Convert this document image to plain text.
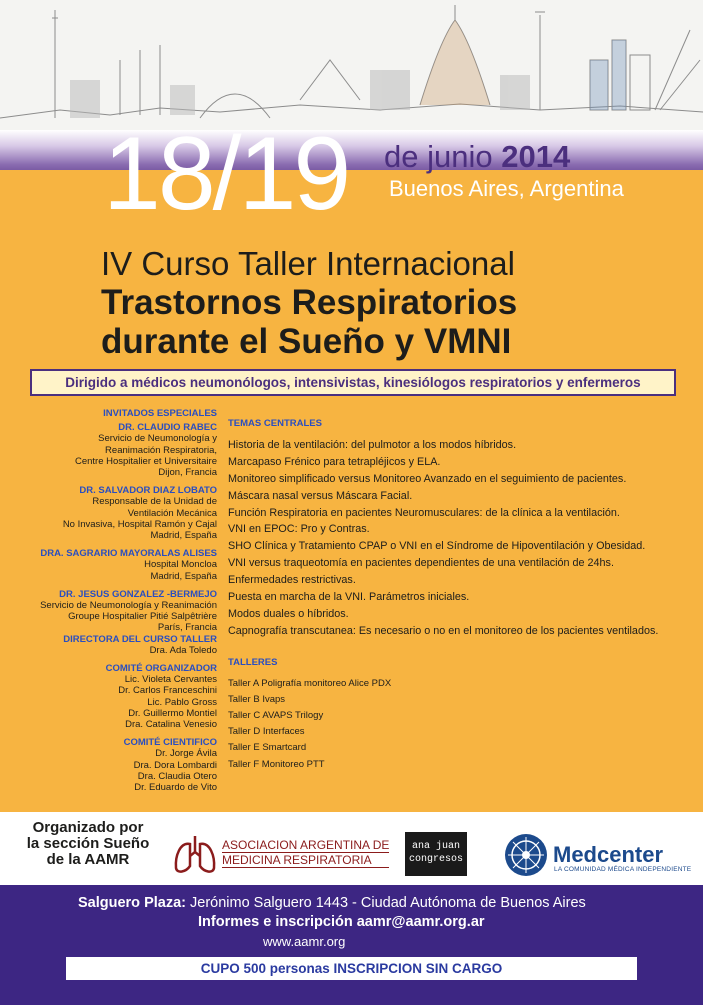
18/19 de junio 2014
Buenos Aires, Argentina
IV Curso Taller Internacional
Trastornos Respiratorios
durante el Sueño y VMNI
Dirigido a médicos neumonólogos, intensivistas, kinesiólogos respiratorios y enfermeros
INVITADOS ESPECIALES
DR. CLAUDIO RABEC
Servicio de Neumonología y
Reanimación Respiratoria,
Centre Hospitalier et Universitaire
Dijon, Francia
DR. SALVADOR DIAZ LOBATO
Responsable de la Unidad de
Ventilación Mecánica
No Invasiva, Hospital Ramón y Cajal
Madrid, España
DRA. SAGRARIO MAYORALAS ALISES
Hospital Moncloa
Madrid, España
DR. JESUS GONZALEZ -BERMEJO
Servicio de Neumonología y Reanimación
Groupe Hospitalier Pitié Salpêtrière
París, Francia
DIRECTORA DEL CURSO TALLER
Dra. Ada Toledo
COMITÉ ORGANIZADOR
Lic. Violeta Cervantes
Dr. Carlos Franceschini
Lic. Pablo Gross
Dr. Guillermo Montiel
Dra. Catalina Venesio
COMITÉ CIENTIFICO
Dr. Jorge Ávila
Dra. Dora Lombardi
Dra. Claudia Otero
Dr. Eduardo de Vito
TEMAS CENTRALES
Historia de la ventilación: del pulmotor a los modos híbridos.
Marcapaso Frénico para tetrapléjicos y ELA.
Monitoreo simplificado versus Monitoreo Avanzado en el seguimiento de pacientes.
Máscara nasal versus Máscara Facial.
Función Respiratoria en pacientes Neuromusculares: de la clínica a la ventilación.
VNI en EPOC: Pro y Contras.
SHO Clínica y Tratamiento CPAP o VNI en el Síndrome de Hipoventilación y Obesidad.
VNI versus traqueotomía en pacientes dependientes de una ventilación de 24hs.
Enfermedades restrictivas.
Puesta en marcha de la VNI. Parámetros iniciales.
Modos duales o híbridos.
Capnografía transcutanea: Es necesario o no en el monitoreo de los pacientes ventilados.
TALLERES
Taller A Poligrafía monitoreo Alice PDX
Taller B Ivaps
Taller C AVAPS Trilogy
Taller D Interfaces
Taller E Smartcard
Taller F Monitoreo PTT
Organizado por
la sección Sueño
de la AAMR
ASOCIACION ARGENTINA DE
MEDICINA RESPIRATORIA
ana juan
congresos	Medcenter
LA COMUNIDAD MÉDICA INDEPENDIENTE
Salguero Plaza: Jerónimo Salguero 1443 - Ciudad Autónoma de Buenos Aires
Informes e inscripción aamr@aamr.org.ar
www.aamr.org
CUPO 500 personas INSCRIPCION SIN CARGO
